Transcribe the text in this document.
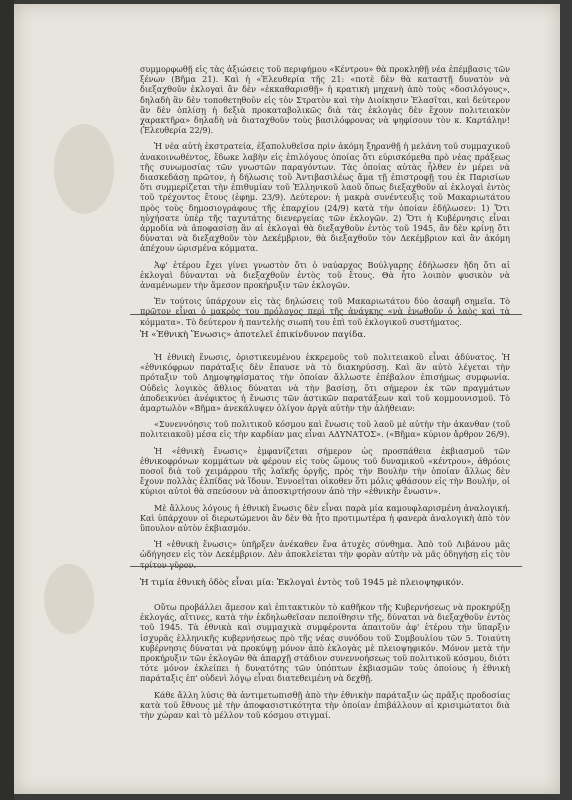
συμμορφωθῇ εἰς τὰς ἀξιώσεις τοῦ περιφήμου «Κέντρου» θὰ προκληθῇ νέα ἐπέμβασις τῶν ξένων (Βῆμα 21). Καὶ ἡ «Ἐλευθερία τῆς 21: «ποτὲ δὲν θὰ καταστῇ δυνατὸν νὰ διεξαχθοῦν ἐκλογαὶ ἂν δὲν «ἐκκαθαρισθῇ» ἡ κρατικὴ μηχανὴ ἀπὸ τοὺς «δοσιλόγους», δηλαδὴ ἂν δὲν τοποθετηθοῦν εἰς τὸν Στρατὸν καὶ τὴν Διοίκησιν Ἐλασῖται, καὶ δεύτερον ἂν δὲν ὁπλίσῃ ἡ δεξιὰ προκαταβολικῶς διὰ τὰς ἐκλογὰς δὲν ἔχουν πολιτειακὸν χαρακτῆρα» δηλαδὴ νὰ διαταχθοῦν τοὺς βασιλόφρονας νὰ ψηφίσουν τὸν κ. Καρτάλην! (Ἐλευθερία 22/9).

Ἡ νέα αὐτὴ ἐκστρατεία, ἐξαπολυθεῖσα πρὶν ἀκόμη ξηρανθῇ ἡ μελάνη τοῦ συμμαχικοῦ ἀνακοινωθέντος, ἔδωκε λαβὴν εἰς ἐπιλόγους ὁποίας ὅτι εὑρισκόμεθα πρὸ νέας πράξεως τῆς συνωμοσίας τῶν γνωστῶν παραγόντων. Τὰς ὁποίας αὐτὰς ἦλθεν ἐν μέρει νὰ διασκεδάσῃ πρῶτον, ἡ δήλωσις τοῦ Ἀντιβασιλέως ἅμα τῇ ἐπιστροφῇ του ἐκ Παρισίων ὅτι συμμερίζεται τὴν ἐπιθυμίαν τοῦ Ἑλληνικοῦ λαοῦ ὅπως διεξαχθοῦν αἱ ἐκλογαὶ ἐντὸς τοῦ τρέχοντος ἔτους (ἐφημ. 23/9). Δεύτερον: ἡ μακρὰ συνέντευξις τοῦ Μακαριωτάτου πρὸς τοὺς δημοσιογράφους τῆς ἐπαρχίου (24/9) κατὰ τὴν ὁποίαν ἐδήλωσεν: 1) Ὅτι ηὐχήσατε ὑπὲρ τῆς ταχυτάτης διενεργείας τῶν ἐκλογῶν. 2) Ὅτι ἡ Κυβέρνησις εἶναι ἁρμοδία νὰ ἀποφασίσῃ ἂν αἱ ἐκλογαὶ θὰ διεξαχθοῦν ἐντὸς τοῦ 1945, ἂν δὲν κρίνῃ ὅτι δύναται νὰ διεξαχθοῦν τὸν Δεκέμβριον, θὰ διεξαχθοῦν τὸν Δεκέμβριον καὶ ἂν ἀκόμη ἀπέχουν ὡρισμένα κόμματα.

Ἀφ' ἑτέρου ἔχει γίνει γνωστὸν ὅτι ὁ ναύαρχος Βούλγαρης ἐδήλωσεν ἤδη ὅτι αἱ ἐκλογαὶ δύνανται νὰ διεξαχθοῦν ἐντὸς τοῦ ἔτους. Θὰ ἦτο λοιπὸν φυσικὸν νὰ ἀναμένωμεν τὴν ἄμεσον προκήρυξιν τῶν ἐκλογῶν.

Ἐν τούτοις ὑπάρχουν εἰς τὰς δηλώσεις τοῦ Μακαριωτάτου δύο ἀσαφῆ σημεῖα. Τὸ πρῶτον εἶναι ὁ μακρὸς του πρόλογος περὶ τῆς ἀνάγκης «νὰ ἑνωθοῦν ὁ λαὸς καὶ τὰ κόμματα». Τὸ δεύτερον ἡ παντελὴς σιωπὴ του ἐπὶ τοῦ ἐκλογικοῦ συστήματος.

Ἡ «Ἐθνικὴ Ἕνωσις» ἀποτελεῖ ἐπικίνδυνον παγίδα.

Ἡ ἐθνικὴ ἕνωσις, ὁριστικευμένου ἐκκρεμοῦς τοῦ πολιτειακοῦ εἶναι ἀδύνατος. Ἡ «ἐθνικόφρων παράταξις δὲν ἔπαυσε νὰ τὸ διακηρύσσῃ. Καὶ ἂν αὐτὸ λέγεται τὴν πρόταξιν τοῦ Δημοψηφίσματος τὴν ὁποίαν ἄλλωστε ἐπέβαλον ἐπισήμως συμφωνία. Οὐδεὶς λογικὸς ἄθλιος δύναται νὰ τὴν βασίσῃ, ὅτι σήμερον ἐκ τῶν πραγμάτων ἀποδεικνύει ἀνέφικτος ἡ ἕνωσις τῶν ἀστικῶν παρατάξεων καὶ τοῦ κομμουνισμοῦ. Τὸ ἀμαρτωλὸν «Βῆμα» ἀνεκάλυψεν ὀλίγον ἀργὰ αὐτὴν τὴν ἀλήθειαν:

«Συνεννόησις τοῦ πολιτικοῦ κόσμου καὶ ἕνωσις τοῦ λαοῦ μὲ αὐτὴν τὴν ἀκανθαν (τοῦ πολιτειακοῦ) μέσα εἰς τὴν καρδίαν μας εἶναι ΑΔΥΝΑΤΟΣ». («Βῆμα» κύριον ἄρθρον 26/9).

Ἡ «ἐθνικὴ ἕνωσις» ἐμφανίζεται σήμερον ὡς προσπάθεια ἐκβιασμοῦ τῶν ἐθνικοφρόνων κομμάτων νὰ φέρουν εἰς τοὺς ὤμους τοῦ δυναμικοῦ «κέντρου», ἀθρόοις ποσοῖ διὰ τοῦ χειμάρρου τῆς λαϊκῆς ὀργῆς, πρὸς τὴν Βουλὴν τὴν ὁποίαν ἄλλως δὲν ἔχουν πολλὰς ἐλπίδας νὰ ἴδουν. Ἐννοεῖται οἰκοθεν ὅτι μόλις φθάσουν εἰς τὴν Βουλήν, οἱ κύριοι αὐτοὶ θὰ σπεύσουν νὰ ἀποσκιρτήσουν ἀπὸ τὴν «ἐθνικὴν ἕνωσιν».

Μὲ ἄλλους λόγους ἡ ἐθνικὴ ἕνωσις δὲν εἶναι παρὰ μία καμουφλαρισμένη ἀναλογική. Καὶ ὑπάρχουν οἱ διερωτώμενοι ἂν δὲν θὰ ἦτο προτιμωτέρα ἡ φανερὰ ἀναλογικὴ ἀπὸ τὸν ὕπουλον αὐτὸν ἐκβιασμόν.

Ἡ «ἐθνικὴ ἕνωσις» ὑπῆρξεν ἀνέκαθεν ἕνα ἀτυχὲς σύνθημα. Ἀπὸ τοῦ Λιβάνου μᾶς ὡδήγησεν εἰς τὸν Δεκέμβριον. Δὲν ἀποκλείεται τὴν φορὰν αὐτὴν νὰ μᾶς ὁδηγήσῃ εἰς τὸν τρίτον γῦρον.

Ἡ τιμία ἐθνικὴ ὁδὸς εἶναι μία: Ἐκλογαὶ ἐντὸς τοῦ 1945 μὲ πλειοψηφικόν.

Οὕτω προβάλλει ἄμεσον καὶ ἐπιτακτικὸν τὸ καθῆκον τῆς Κυβερνήσεως νὰ προκηρύξῃ ἐκλογάς, αἵτινες, κατὰ τὴν ἐκδηλωθεῖσαν πεποίθησιν τῆς, δύναται νὰ διεξαχθοῦν ἐντὸς τοῦ 1945. Τὰ ἐθνικὰ καὶ συμμαχικὰ συμφέροντα ἀπαιτοῦν ἀφ' ἑτέρου τὴν ὕπαρξιν ἰσχυρᾶς ἑλληνικῆς κυβερνήσεως πρὸ τῆς νέας συνόδου τοῦ Συμβουλίου τῶν 5. Τοιαύτη κυβέρνησις δύναται νὰ προκύψῃ μόνον ἀπὸ ἐκλογὰς μὲ πλειοψηφικόν. Μόνον μετὰ τὴν προκήρυξιν τῶν ἐκλογῶν θὰ ἀπαρχῇ στάδιον συνεννοήσεως τοῦ πολιτικοῦ κόσμου, διότι τότε μόνον ἐκλείπει ἡ δυνατότης τῶν ὑπόπτων ἐκβιασμῶν τοὺς ὁποίους ἡ ἐθνικὴ παράταξις ἐπ' οὐδενὶ λόγῳ εἶναι διατεθειμένη νὰ δεχθῇ.

Κάθε ἄλλη λύσις θὰ ἀντιμετωπισθῇ ἀπὸ τὴν ἐθνικὴν παράταξιν ὡς πρᾶξις προδοσίας κατὰ τοῦ ἔθνους μὲ τὴν ἀποφασιστικότητα τὴν ὁποίαν ἐπιβάλλουν αἱ κρισιμώτατοι διὰ τὴν χώραν καὶ τὸ μέλλον τοῦ κόσμου στιγμαί.
